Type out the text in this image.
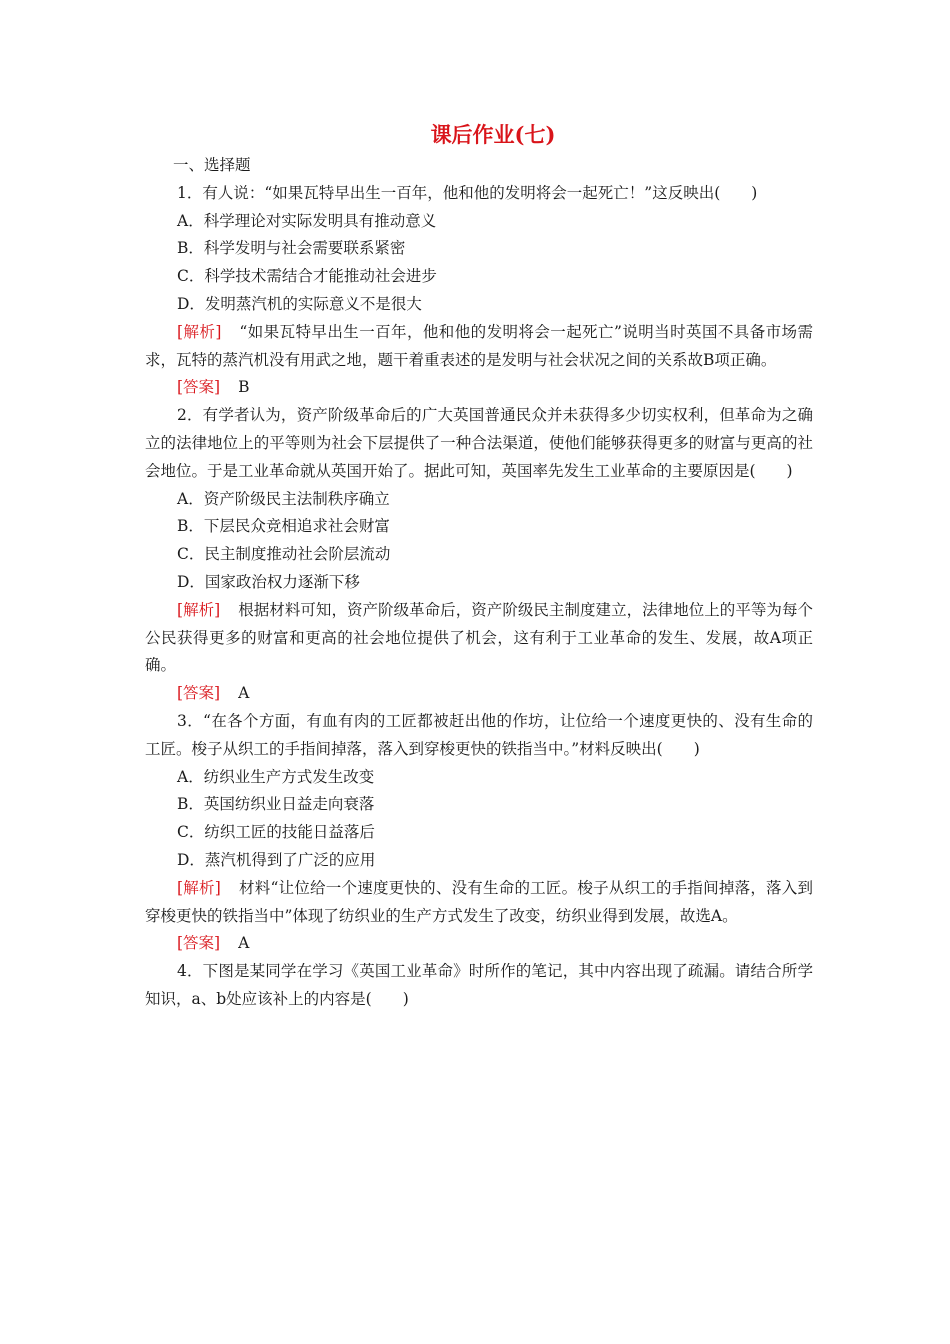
课后作业(七)
一、选择题

1．有人说：“如果瓦特早出生一百年，他和他的发明将会一起死亡！”这反映出(　　)

A．科学理论对实际发明具有推动意义

B．科学发明与社会需要联系紧密

C．科学技术需结合才能推动社会进步

D．发明蒸汽机的实际意义不是很大

[解析] “如果瓦特早出生一百年，他和他的发明将会一起死亡”说明当时英国不具备市场需求，瓦特的蒸汽机没有用武之地，题干着重表述的是发明与社会状况之间的关系故B项正确。

[答案] B

2．有学者认为，资产阶级革命后的广大英国普通民众并未获得多少切实权利，但革命为之确立的法律地位上的平等则为社会下层提供了一种合法渠道，使他们能够获得更多的财富与更高的社会地位。于是工业革命就从英国开始了。据此可知，英国率先发生工业革命的主要原因是(　　)

A．资产阶级民主法制秩序确立

B．下层民众竞相追求社会财富

C．民主制度推动社会阶层流动

D．国家政治权力逐渐下移

[解析] 根据材料可知，资产阶级革命后，资产阶级民主制度建立，法律地位上的平等为每个公民获得更多的财富和更高的社会地位提供了机会，这有利于工业革命的发生、发展，故A项正确。

[答案] A

3．“在各个方面，有血有肉的工匠都被赶出他的作坊，让位给一个速度更快的、没有生命的工匠。梭子从织工的手指间掉落，落入到穿梭更快的铁指当中。”材料反映出(　　)

A．纺织业生产方式发生改变

B．英国纺织业日益走向衰落

C．纺织工匠的技能日益落后

D．蒸汽机得到了广泛的应用

[解析] 材料“让位给一个速度更快的、没有生命的工匠。梭子从织工的手指间掉落，落入到穿梭更快的铁指当中”体现了纺织业的生产方式发生了改变，纺织业得到发展，故选A。

[答案] A

4．下图是某同学在学习《英国工业革命》时所作的笔记，其中内容出现了疏漏。请结合所学知识，a、b处应该补上的内容是(　　)
